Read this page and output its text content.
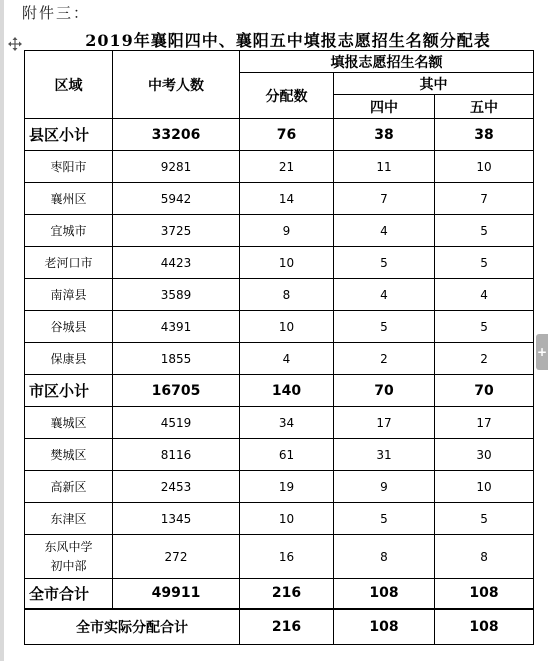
附件三：
2019年襄阳四中、襄阳五中填报志愿招生名额分配表
+
区域	中考人数	填报志愿招生名额		
		分配数	其中	
			四中	五中
县区小计	33206	76	38	38
枣阳市	9281	21	11	10
襄州区	5942	14	7	7
宜城市	3725	9	4	5
老河口市	4423	10	5	5
南漳县	3589	8	4	4
谷城县	4391	10	5	5
保康县	1855	4	2	2
市区小计	16705	140	70	70
襄城区	4519	34	17	17
樊城区	8116	61	31	30
高新区	2453	19	9	10
东津区	1345	10	5	5

东风中学
初中部	272	16	8	8
全市合计	49911	216	108	108
全市实际分配合计		216	108	108
